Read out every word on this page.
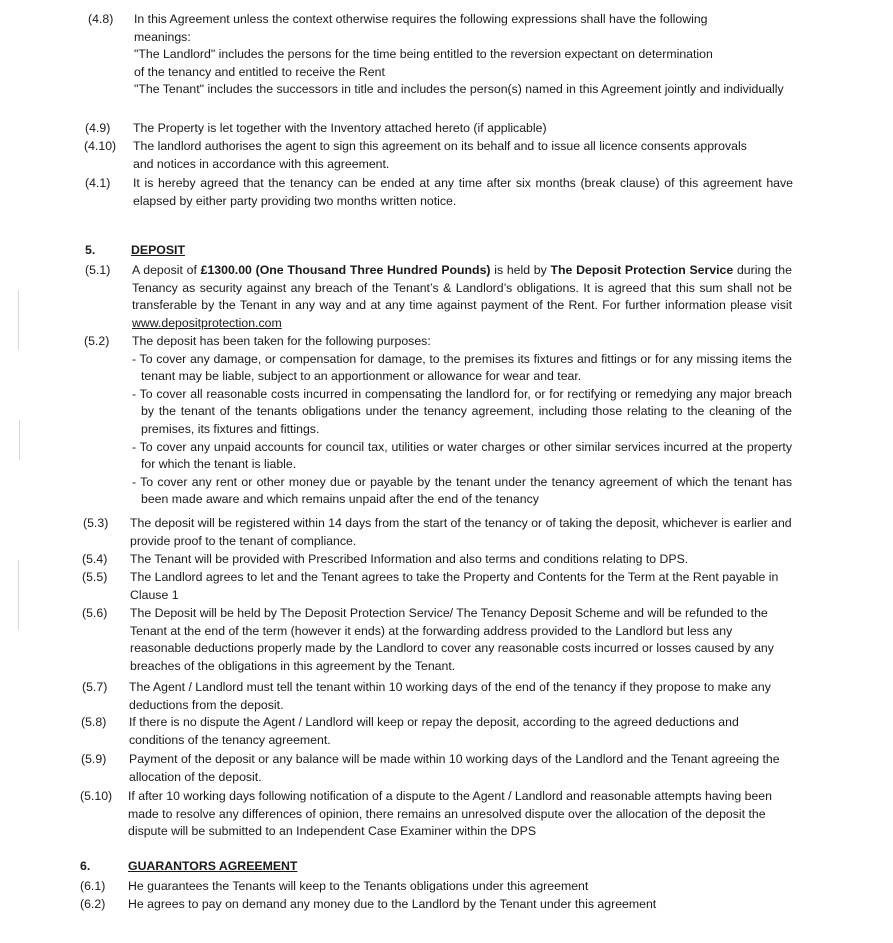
(4.8) In this Agreement unless the context otherwise requires the following expressions shall have the following meanings:

"The Landlord" includes the persons for the time being entitled to the reversion expectant on determination of the tenancy and entitled to receive the Rent

"The Tenant" includes the successors in title and includes the person(s) named in this Agreement jointly and individually

(4.9) The Property is let together with the Inventory attached hereto (if applicable)

(4.10) The landlord authorises the agent to sign this agreement on its behalf and to issue all licence consents approvals and notices in accordance with this agreement.

(4.1) It is hereby agreed that the tenancy can be ended at any time after six months (break clause) of this agreement have elapsed by either party providing two months written notice.

5.	DEPOSIT
(5.1) A deposit of £1300.00 (One Thousand Three Hundred Pounds) is held by The Deposit Protection Service during the Tenancy as security against any breach of the Tenant’s & Landlord’s obligations. It is agreed that this sum shall not be transferable by the Tenant in any way and at any time against payment of the Rent. For further information please visit www.depositprotection.com

(5.2) The deposit has been taken for the following purposes:

- To cover any damage, or compensation for damage, to the premises its fixtures and fittings or for any missing items the tenant may be liable, subject to an apportionment or allowance for wear and tear.

- To cover all reasonable costs incurred in compensating the landlord for, or for rectifying or remedying any major breach by the tenant of the tenants obligations under the tenancy agreement, including those relating to the cleaning of the premises, its fixtures and fittings.

- To cover any unpaid accounts for council tax, utilities or water charges or other similar services incurred at the property for which the tenant is liable.

- To cover any rent or other money due or payable by the tenant under the tenancy agreement of which the tenant has been made aware and which remains unpaid after the end of the tenancy

(5.3) The deposit will be registered within 14 days from the start of the tenancy or of taking the deposit, whichever is earlier and provide proof to the tenant of compliance.

(5.4) The Tenant will be provided with Prescribed Information and also terms and conditions relating to DPS.

(5.5) The Landlord agrees to let and the Tenant agrees to take the Property and Contents for the Term at the Rent payable in Clause 1

(5.6) The Deposit will be held by The Deposit Protection Service/ The Tenancy Deposit Scheme and will be refunded to the Tenant at the end of the term (however it ends) at the forwarding address provided to the Landlord but less any reasonable deductions properly made by the Landlord to cover any reasonable costs incurred or losses caused by any breaches of the obligations in this agreement by the Tenant.

(5.7) The Agent / Landlord must tell the tenant within 10 working days of the end of the tenancy if they propose to make any deductions from the deposit.

(5.8) If there is no dispute the Agent / Landlord will keep or repay the deposit, according to the agreed deductions and conditions of the tenancy agreement.

(5.9) Payment of the deposit or any balance will be made within 10 working days of the Landlord and the Tenant agreeing the allocation of the deposit.

(5.10) If after 10 working days following notification of a dispute to the Agent / Landlord and reasonable attempts having been made to resolve any differences of opinion, there remains an unresolved dispute over the allocation of the deposit the dispute will be submitted to an Independent Case Examiner within the DPS

6.	GUARANTORS AGREEMENT
(6.1) He guarantees the Tenants will keep to the Tenants obligations under this agreement

(6.2) He agrees to pay on demand any money due to the Landlord by the Tenant under this agreement
